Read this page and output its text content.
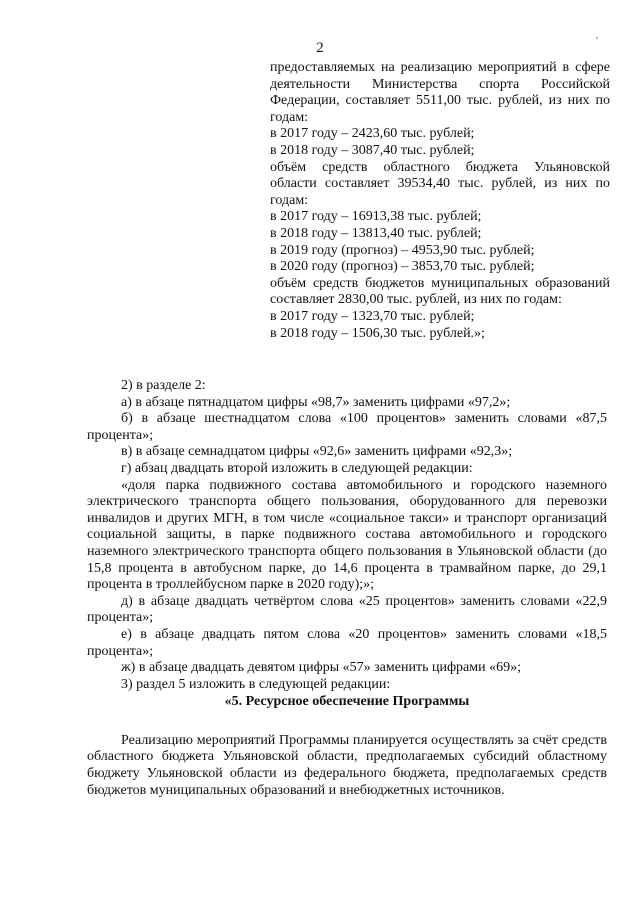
2	'

предоставляемых на реализацию мероприятий в сфере деятельности Министерства спорта Российской Федерации, составляет 5511,00 тыс. рублей, из них по годам:

в 2017 году – 2423,60 тыс. рублей;

в 2018 году – 3087,40 тыс. рублей;

объём средств областного бюджета Ульяновской области составляет 39534,40 тыс. рублей, из них по годам:

в 2017 году – 16913,38 тыс. рублей;

в 2018 году – 13813,40 тыс. рублей;

в 2019 году (прогноз) – 4953,90 тыс. рублей;

в 2020 году (прогноз) – 3853,70 тыс. рублей;

объём средств бюджетов муниципальных образований составляет 2830,00 тыс. рублей, из них по годам:

в 2017 году – 1323,70 тыс. рублей;

в 2018 году – 1506,30 тыс. рублей.»;

2) в разделе 2:

а) в абзаце пятнадцатом цифры «98,7» заменить цифрами «97,2»;

б) в абзаце шестнадцатом слова «100 процентов» заменить словами «87,5 процента»;

в) в абзаце семнадцатом цифры «92,6» заменить цифрами «92,3»;

г) абзац двадцать второй изложить в следующей редакции:

«доля парка подвижного состава автомобильного и городского наземного электрического транспорта общего пользования, оборудованного для перевозки инвалидов и других МГН, в том числе «социальное такси» и транспорт организаций социальной защиты, в парке подвижного состава автомобильного и городского наземного электрического транспорта общего пользования в Ульяновской области (до 15,8 процента в автобусном парке, до 14,6 процента в трамвайном парке, до 29,1 процента в троллейбусном парке в 2020 году);»;

д) в абзаце двадцать четвёртом слова «25 процентов» заменить словами «22,9 процента»;

е) в абзаце двадцать пятом слова «20 процентов» заменить словами «18,5 процента»;

ж) в абзаце двадцать девятом цифры «57» заменить цифрами «69»;

3) раздел 5 изложить в следующей редакции:

«5. Ресурсное обеспечение Программы

Реализацию мероприятий Программы планируется осуществлять за счёт средств областного бюджета Ульяновской области, предполагаемых субсидий областному бюджету Ульяновской области из федерального бюджета, предполагаемых средств бюджетов муниципальных образований и внебюджетных источников.
